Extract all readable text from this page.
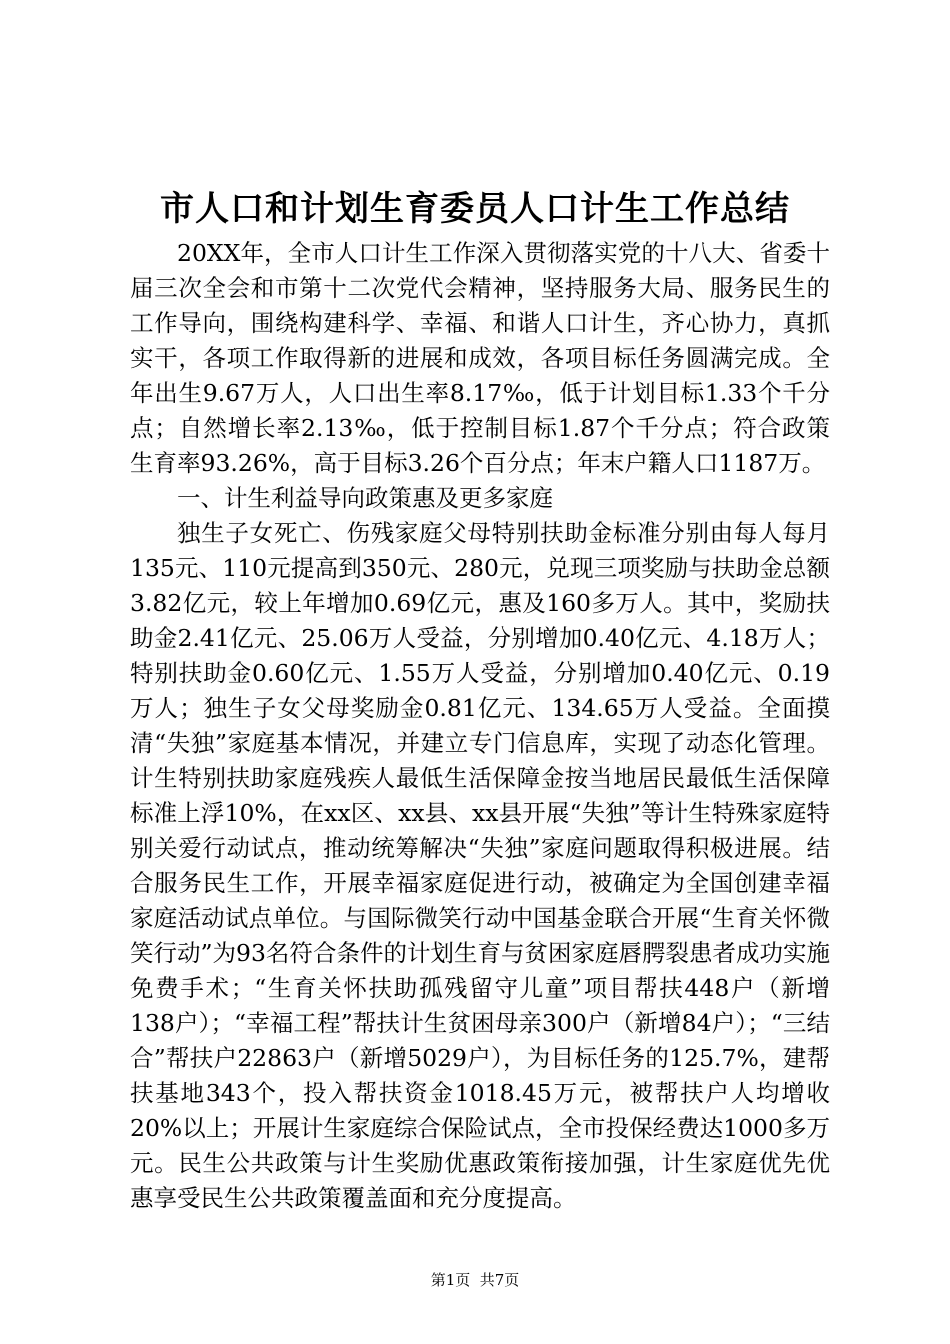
市人口和计划生育委员人口计生工作总结

20XX年，全市人口计生工作深入贯彻落实党的十八大、省委十届三次全会和市第十二次党代会精神，坚持服务大局、服务民生的工作导向，围绕构建科学、幸福、和谐人口计生，齐心协力，真抓实干，各项工作取得新的进展和成效，各项目标任务圆满完成。全年出生9.67万人，人口出生率8.17‰，低于计划目标1.33个千分点；自然增长率2.13‰，低于控制目标1.87个千分点；符合政策生育率93.26%，高于目标3.26个百分点；年末户籍人口1187万。

一、计生利益导向政策惠及更多家庭

独生子女死亡、伤残家庭父母特别扶助金标准分别由每人每月135元、110元提高到350元、280元，兑现三项奖励与扶助金总额3.82亿元，较上年增加0.69亿元，惠及160多万人。其中，奖励扶助金2.41亿元、25.06万人受益，分别增加0.40亿元、4.18万人；特别扶助金0.60亿元、1.55万人受益，分别增加0.40亿元、0.19万人；独生子女父母奖励金0.81亿元、134.65万人受益。全面摸清“失独”家庭基本情况，并建立专门信息库，实现了动态化管理。计生特别扶助家庭残疾人最低生活保障金按当地居民最低生活保障标准上浮10%，在xx区、xx县、xx县开展“失独”等计生特殊家庭特别关爱行动试点，推动统筹解决“失独”家庭问题取得积极进展。结合服务民生工作，开展幸福家庭促进行动，被确定为全国创建幸福家庭活动试点单位。与国际微笑行动中国基金联合开展“生育关怀微笑行动”为93名符合条件的计划生育与贫困家庭唇腭裂患者成功实施免费手术；“生育关怀扶助孤残留守儿童”项目帮扶448户（新增138户）；“幸福工程”帮扶计生贫困母亲300户（新增84户）；“三结合”帮扶户22863户（新增5029户），为目标任务的125.7%，建帮扶基地343个，投入帮扶资金1018.45万元，被帮扶户人均增收20%以上；开展计生家庭综合保险试点，全市投保经费达1000多万元。民生公共政策与计生奖励优惠政策衔接加强，计生家庭优先优惠享受民生公共政策覆盖面和充分度提高。

第1页  共7页
